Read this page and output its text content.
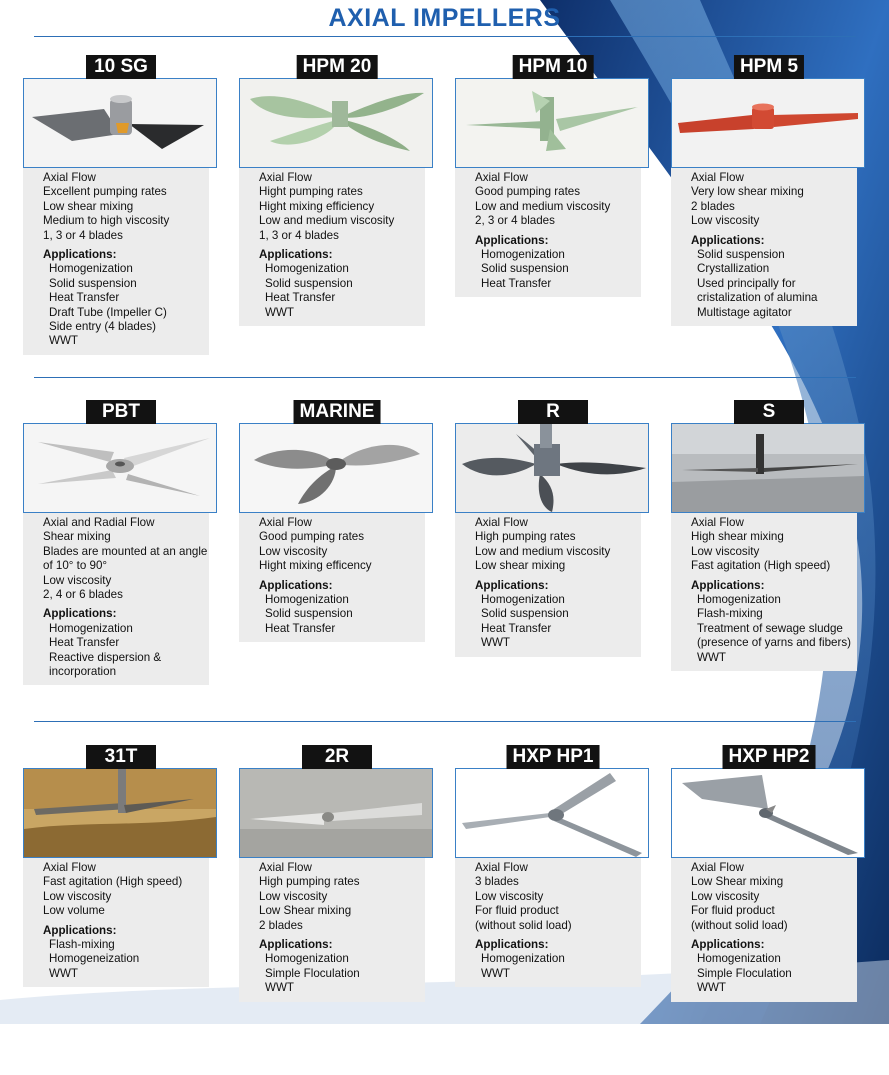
AXIAL IMPELLERS
10 SG
Axial Flow
Excellent pumping rates
Low shear mixing
Medium to high viscosity
1, 3 or 4 blades
Applications:
Homogenization
Solid suspension
Heat Transfer
Draft Tube (Impeller C)
Side entry (4 blades)
WWT
HPM 20
Axial Flow
Hight pumping rates
Hight mixing efficiency
Low and medium viscosity
1, 3 or 4 blades
Applications:
Homogenization
Solid suspension
Heat Transfer
WWT
HPM 10
Axial Flow
Good pumping rates
Low and medium viscosity
2, 3 or 4 blades
Applications:
Homogenization
Solid suspension
Heat Transfer
HPM 5
Axial Flow
Very low shear mixing
2 blades
Low viscosity
Applications:
Solid suspension
Crystallization
Used principally for
cristalization of alumina
Multistage agitator
PBT
Axial and Radial Flow
Shear mixing
Blades are mounted at an angle
of 10° to 90°
Low viscosity
2, 4 or 6 blades
Applications:
Homogenization
Heat Transfer
Reactive dispersion &
incorporation
MARINE
Axial Flow
Good pumping rates
Low viscosity
Hight mixing efficency
Applications:
Homogenization
Solid suspension
Heat Transfer
R
Axial Flow
High pumping rates
Low and medium viscosity
Low shear mixing
Applications:
Homogenization
Solid suspension
Heat Transfer
WWT
S
Axial Flow
High shear mixing
Low viscosity
Fast agitation (High speed)
Applications:
Homogenization
Flash-mixing
Treatment of sewage sludge
(presence of yarns and fibers)
WWT
31T
Axial Flow
Fast agitation (High speed)
Low viscosity
Low volume
Applications:
Flash-mixing
Homogeneization
WWT
2R
Axial Flow
High pumping rates
Low viscosity
Low Shear mixing
2 blades
Applications:
Homogenization
Simple Floculation
WWT
HXP HP1
Axial Flow
3 blades
Low viscosity
For fluid product
(without solid load)
Applications:
Homogenization
WWT
HXP HP2
Axial Flow
Low Shear mixing
Low viscosity
For fluid product
(without solid load)
Applications:
Homogenization
Simple Floculation
WWT
